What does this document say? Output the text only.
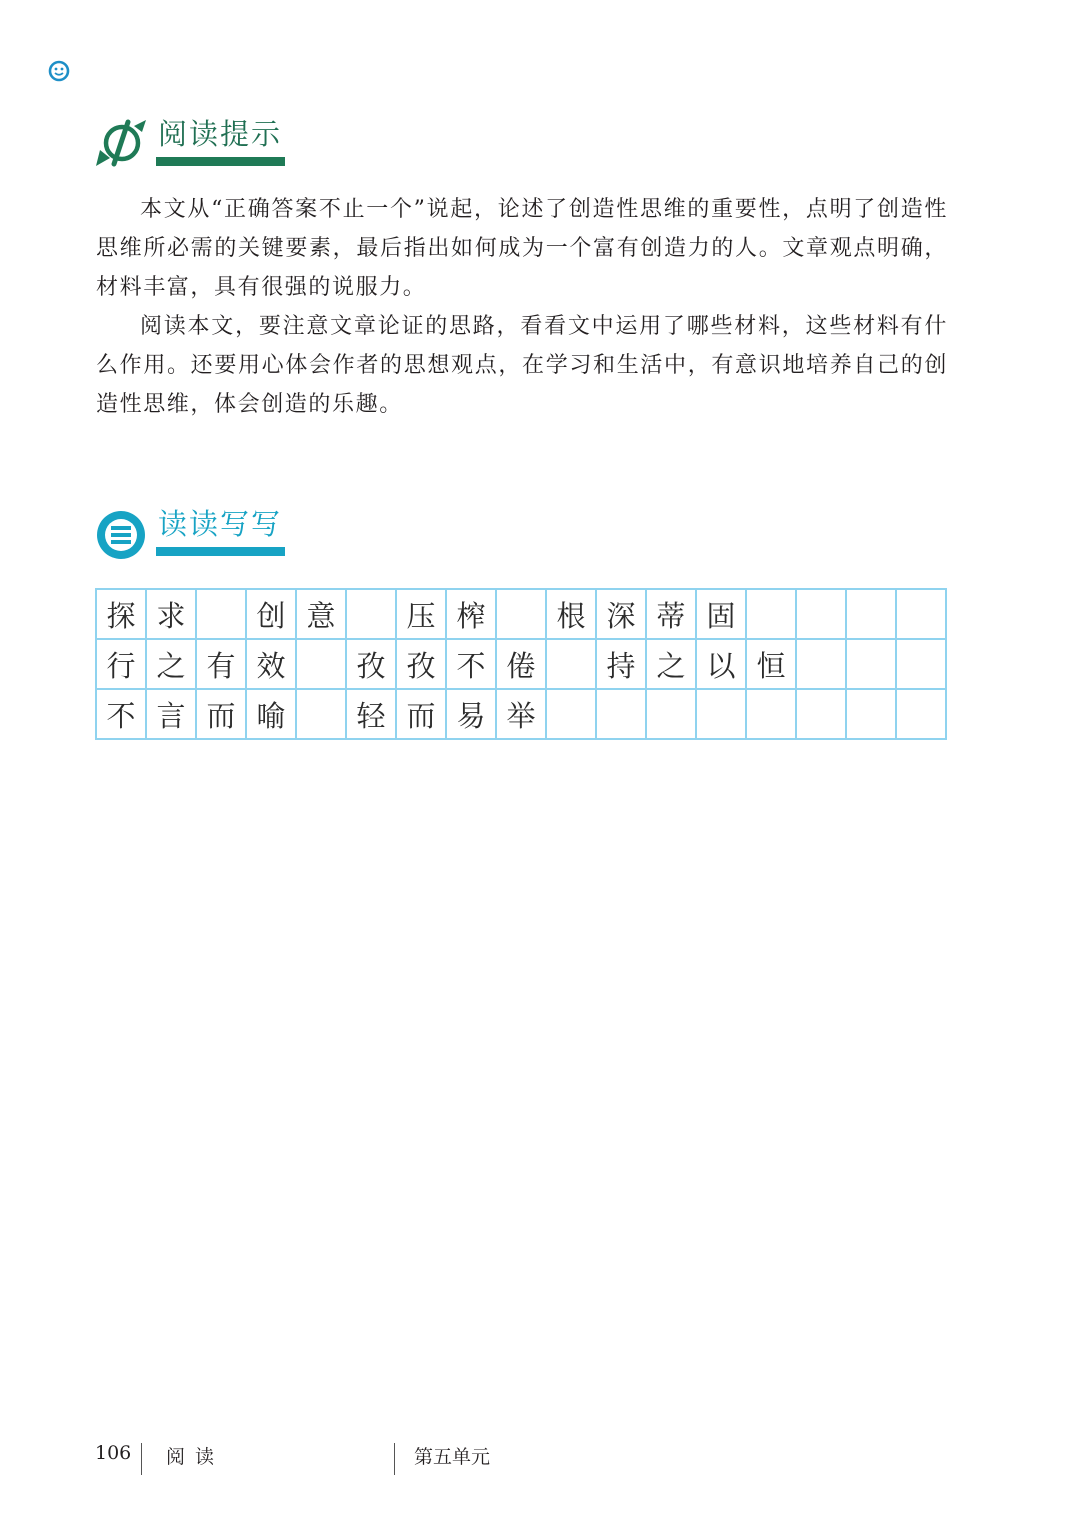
阅读提示

本文从“正确答案不止一个”说起，论述了创造性思维的重要性，点明了创造性思维所必需的关键要素，最后指出如何成为一个富有创造力的人。文章观点明确，材料丰富，具有很强的说服力。

阅读本文，要注意文章论证的思路，看看文中运用了哪些材料，这些材料有什么作用。还要用心体会作者的思想观点，在学习和生活中，有意识地培养自己的创造性思维，体会创造的乐趣。

读读写写
探 求	创 意	压 榨	根 深 蒂 固
行 之 有 效	孜 孜 不 倦	持 之 以 恒
不 言 而 喻	轻 而 易 举
106 阅读	第五单元
